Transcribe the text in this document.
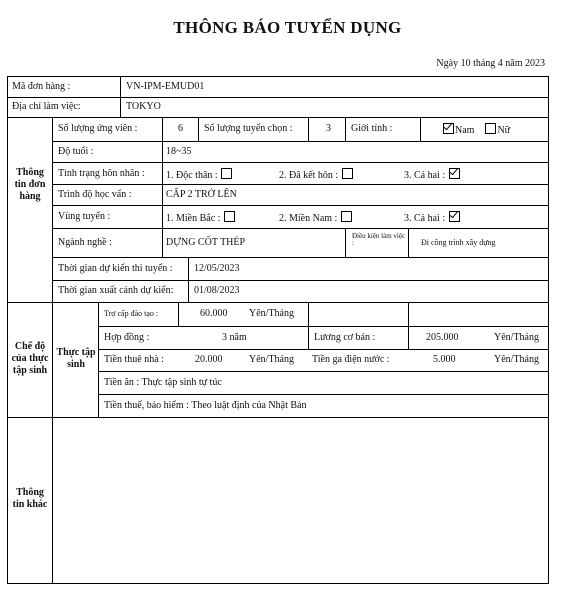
THÔNG BÁO TUYỂN DỤNG
Ngày 10 tháng 4 năm 2023
Mã đơn hàng :	VN-IPM-EMUD01
Địa chỉ làm việc:	TOKYO
Thông tin đơn hàng
Số lượng ứng viên :	6 Số lượng tuyển chọn :	3 Giới tính :	Nam Nữ
Độ tuổi :	18~35
Tình trạng hôn nhân : 1. Độc thân :	2. Đã kết hôn :	3. Cả hai :
Trình độ học vấn :	CẤP 2 TRỞ LÊN
Vùng tuyển :	1. Miền Bắc :	2. Miền Nam :	3. Cả hai :
Ngành nghề :	DỰNG CỐT THÉP
Điều kiện làm việc :	Đi công trình xây dựng
Thời gian dự kiến thi tuyển : 12/05/2023
Thời gian xuất cảnh dự kiến: 01/08/2023
Chế độ của thực tập sinh
Thực tập sinh
Trợ cấp đào tạo :	60.000 Yên/Tháng
Hợp đồng :	3 năm	Lương cơ bản :	205.000	Yên/Tháng
Tiền thuê nhà :	20.000	Yên/Tháng Tiền ga điện nước :	5.000	Yên/Tháng
Tiền ăn : Thực tập sinh tự túc
Tiền thuế, bảo hiểm : Theo luật định của Nhật Bản
Thông tin khác
